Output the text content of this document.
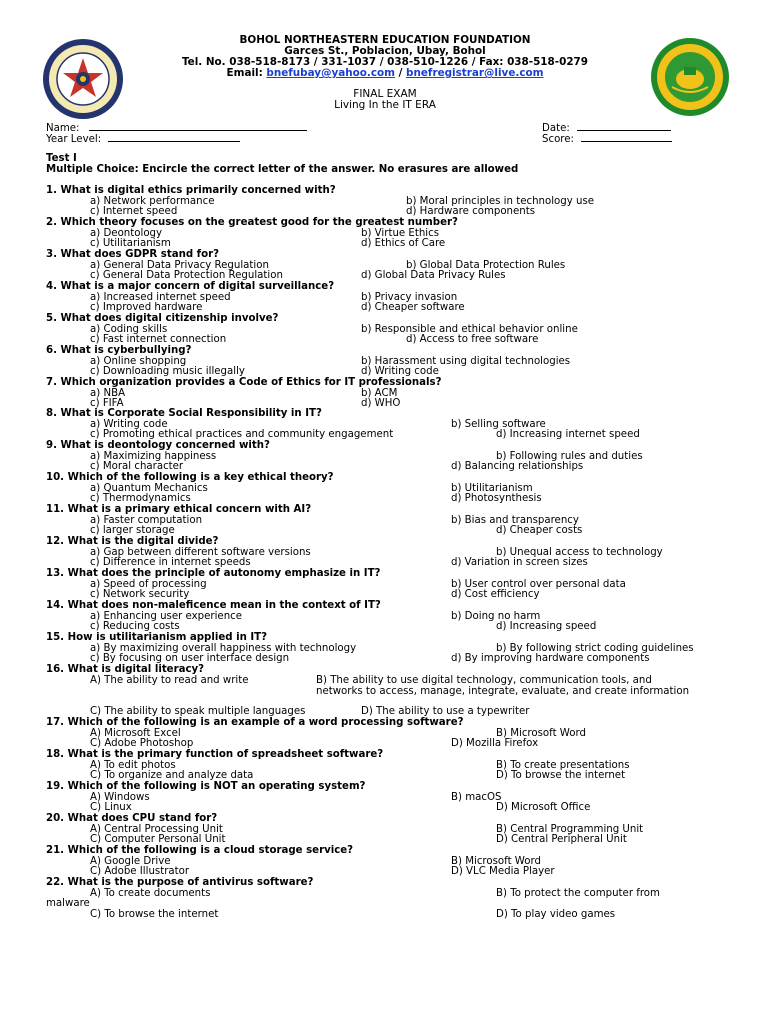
BOHOL NORTHEASTERN EDUCATION FOUNDATION
Garces St., Poblacion, Ubay, Bohol
Tel. No. 038-518-8173 / 331-1037 / 038-510-1226 / Fax: 038-518-0279
Email: bnefubay@yahoo.com / bnefregistrar@live.com
FINAL EXAM
Living In the IT ERA
Name:
Year Level:
Date:
Score:
Test I
Multiple Choice: Encircle the correct letter of the answer. No erasures are allowed
1. What is digital ethics primarily concerned with?
a) Network performance	b) Moral principles in technology use
c) Internet speed	d) Hardware components
2. Which theory focuses on the greatest good for the greatest number?
a) Deontology	b) Virtue Ethics
c) Utilitarianism	d) Ethics of Care
3. What does GDPR stand for?
a) General Data Privacy Regulation	b) Global Data Protection Rules
c) General Data Protection Regulation	d) Global Data Privacy Rules
4. What is a major concern of digital surveillance?
a) Increased internet speed	b) Privacy invasion
c) Improved hardware	d) Cheaper software
5. What does digital citizenship involve?
a) Coding skills	b) Responsible and ethical behavior online
c) Fast internet connection	d) Access to free software
6. What is cyberbullying?
a) Online shopping	b) Harassment using digital technologies
c) Downloading music illegally	d) Writing code
7. Which organization provides a Code of Ethics for IT professionals?
a) NBA	b) ACM
c) FIFA	d) WHO
8. What is Corporate Social Responsibility in IT?
a) Writing code	b) Selling software
c) Promoting ethical practices and community engagement	d) Increasing internet speed
9. What is deontology concerned with?
a) Maximizing happiness	b) Following rules and duties
c) Moral character	d) Balancing relationships
10. Which of the following is a key ethical theory?
a) Quantum Mechanics	b) Utilitarianism
c) Thermodynamics	d) Photosynthesis
11. What is a primary ethical concern with AI?
a) Faster computation	b) Bias and transparency
c) larger storage	d) Cheaper costs
12. What is the digital divide?
a) Gap between different software versions	b) Unequal access to technology
c) Difference in internet speeds	d) Variation in screen sizes
13. What does the principle of autonomy emphasize in IT?
a) Speed of processing	b) User control over personal data
c) Network security	d) Cost efficiency
14. What does non-maleficence mean in the context of IT?
a) Enhancing user experience	b) Doing no harm
c) Reducing costs	d) Increasing speed
15. How is utilitarianism applied in IT?
a) By maximizing overall happiness with technology	b) By following strict coding guidelines
c) By focusing on user interface design	d) By improving hardware components
16. What is digital literacy?
A) The ability to read and write	B) The ability to use digital technology, communication tools, and networks to access, manage, integrate, evaluate, and create information
C) The ability to speak multiple languages	D) The ability to use a typewriter
17. Which of the following is an example of a word processing software?
A) Microsoft Excel	B) Microsoft Word
C) Adobe Photoshop	D) Mozilla Firefox
18. What is the primary function of spreadsheet software?
A) To edit photos	B) To create presentations
C) To organize and analyze data	D) To browse the internet
19. Which of the following is NOT an operating system?
A) Windows	B) macOS
C) Linux	D) Microsoft Office
20. What does CPU stand for?
A) Central Processing Unit	B) Central Programming Unit
C) Computer Personal Unit	D) Central Peripheral Unit
21. Which of the following is a cloud storage service?
A) Google Drive	B) Microsoft Word
C) Adobe Illustrator	D) VLC Media Player
22. What is the purpose of antivirus software?
A) To create documents	B) To protect the computer from
malware
C) To browse the internet	D) To play video games
